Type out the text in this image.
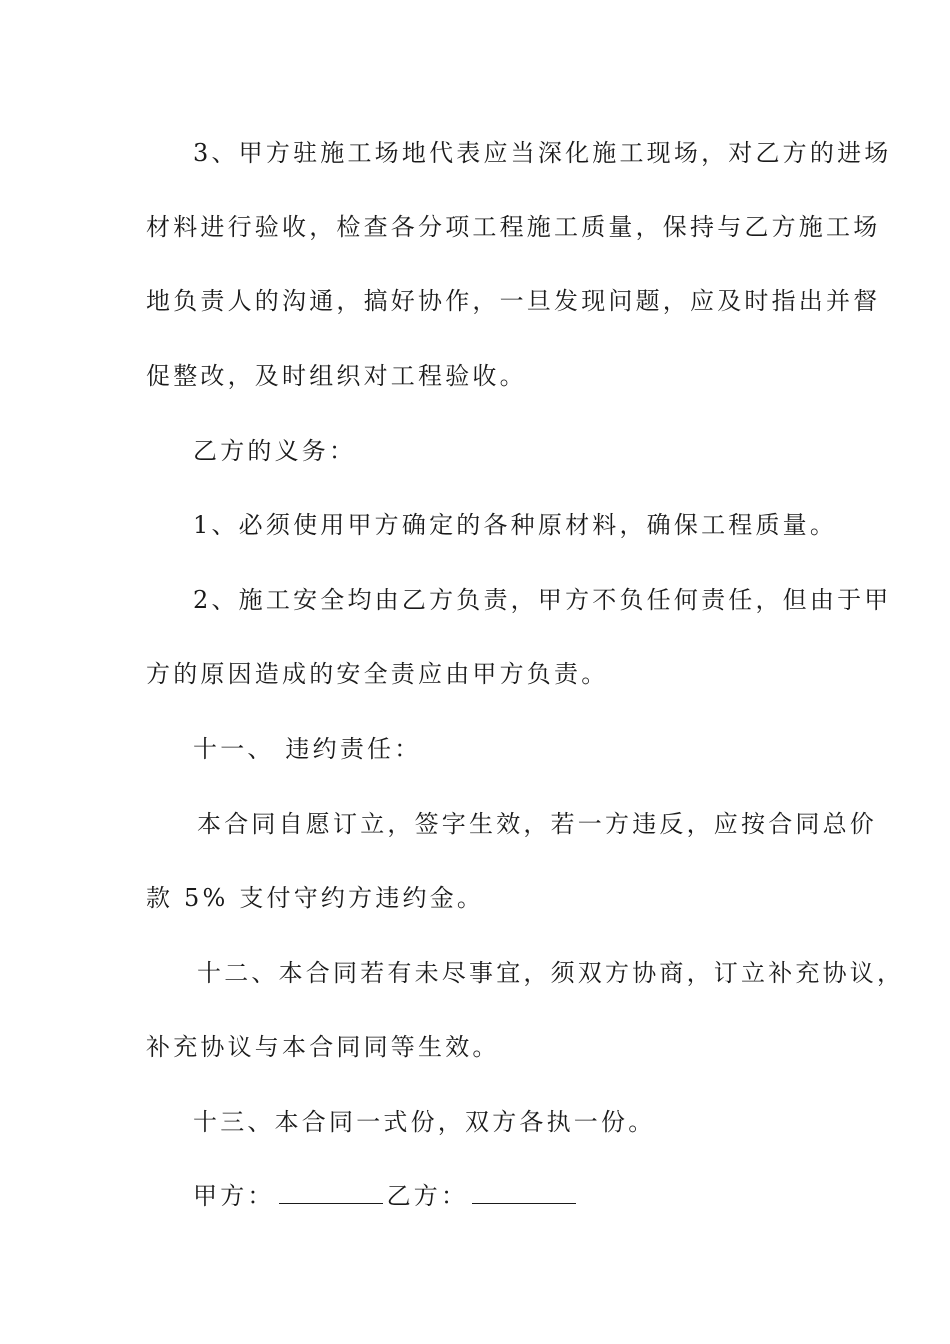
3、甲方驻施工场地代表应当深化施工现场，对乙方的进场
材料进行验收，检查各分项工程施工质量，保持与乙方施工场
地负责人的沟通，搞好协作，一旦发现问题，应及时指出并督
促整改，及时组织对工程验收。
乙方的义务：
1、必须使用甲方确定的各种原材料，确保工程质量。
2、施工安全均由乙方负责，甲方不负任何责任，但由于甲
方的原因造成的安全责应由甲方负责。
十一、 违约责任：
本合同自愿订立，签字生效，若一方违反，应按合同总价
款 5% 支付守约方违约金。
十二、本合同若有未尽事宜，须双方协商，订立补充协议，
补充协议与本合同同等生效。
十三、本合同一式份，双方各执一份。
甲方：	乙方：
